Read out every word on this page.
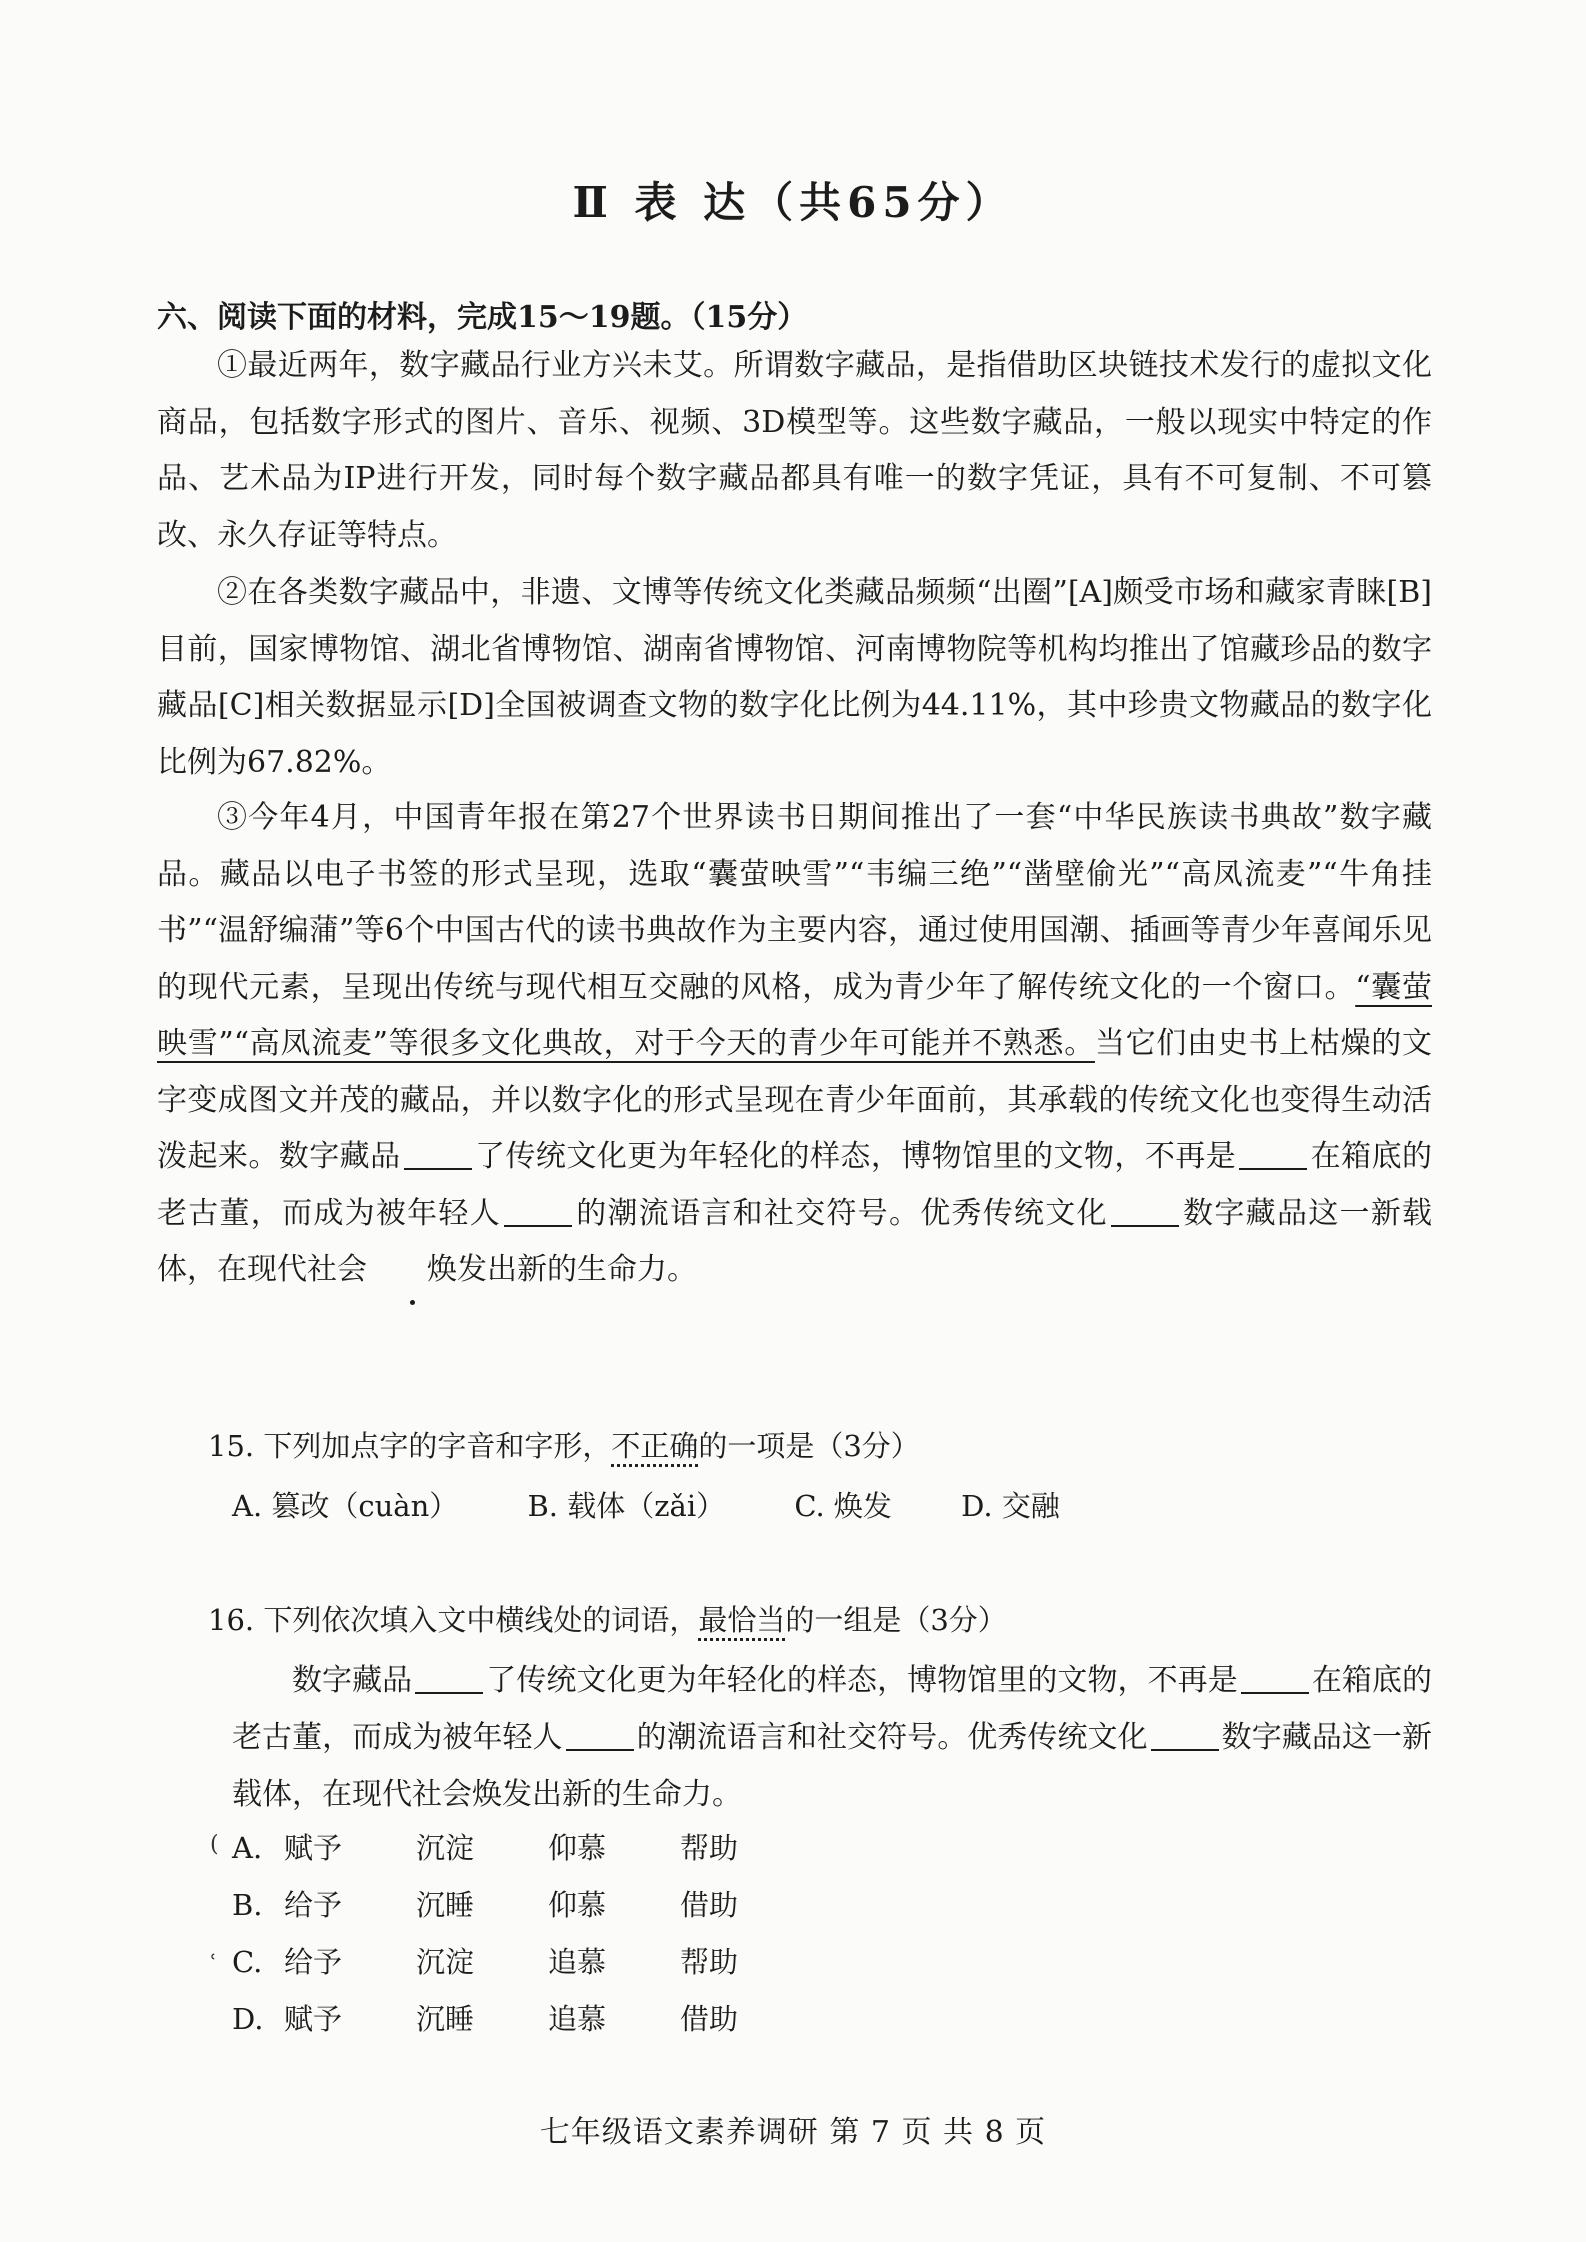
Ⅱ 表 达（共65分）
六、阅读下面的材料，完成15～19题。（15分）
①最近两年，数字藏品行业方兴未艾。所谓数字藏品，是指借助区块链技术发行的虚拟文化商品，包括数字形式的图片、音乐、视频、3D模型等。这些数字藏品，一般以现实中特定的作品、艺术品为IP进行开发，同时每个数字藏品都具有唯一的数字凭证，具有不可复制、不可篡改、永久存证等特点。
②在各类数字藏品中，非遗、文博等传统文化类藏品频频“出圈”[A]颇受市场和藏家青睐[B]目前，国家博物馆、湖北省博物馆、湖南省博物馆、河南博物院等机构均推出了馆藏珍品的数字藏品[C]相关数据显示[D]全国被调查文物的数字化比例为44.11%，其中珍贵文物藏品的数字化比例为67.82%。
③今年4月，中国青年报在第27个世界读书日期间推出了一套“中华民族读书典故”数字藏品。藏品以电子书签的形式呈现，选取“囊萤映雪”“韦编三绝”“凿壁偷光”“高凤流麦”“牛角挂书”“温舒编蒲”等6个中国古代的读书典故作为主要内容，通过使用国潮、插画等青少年喜闻乐见的现代元素，呈现出传统与现代相互交融的风格，成为青少年了解传统文化的一个窗口。“囊萤映雪”“高凤流麦”等很多文化典故，对于今天的青少年可能并不熟悉。当它们由史书上枯燥的文字变成图文并茂的藏品，并以数字化的形式呈现在青少年面前，其承载的传统文化也变得生动活泼起来。数字藏品 了传统文化更为年轻化的样态，博物馆里的文物，不再是 在箱底的老古董，而成为被年轻人 的潮流语言和社交符号。优秀传统文化 数字藏品这一新载体，在现代社会 焕发出新的生命力。
15. 下列加点字的字音和字形，不正确的一项是（3分）
A. 篡改（cuàn） B. 载体（zǎi） C. 焕发 D. 交融
16. 下列依次填入文中横线处的词语，最恰当的一组是（3分）
数字藏品 了传统文化更为年轻化的样态，博物馆里的文物，不再是 在箱底的老古董，而成为被年轻人 的潮流语言和社交符号。优秀传统文化 数字藏品这一新载体，在现代社会焕发出新的生命力。
A. 赋予	沉淀	仰慕	帮助
B. 给予	沉睡	仰慕	借助
C. 给予	沉淀	追慕	帮助
D. 赋予	沉睡	追慕	借助
(
˓
七年级语文素养调研 第 7 页 共 8 页
